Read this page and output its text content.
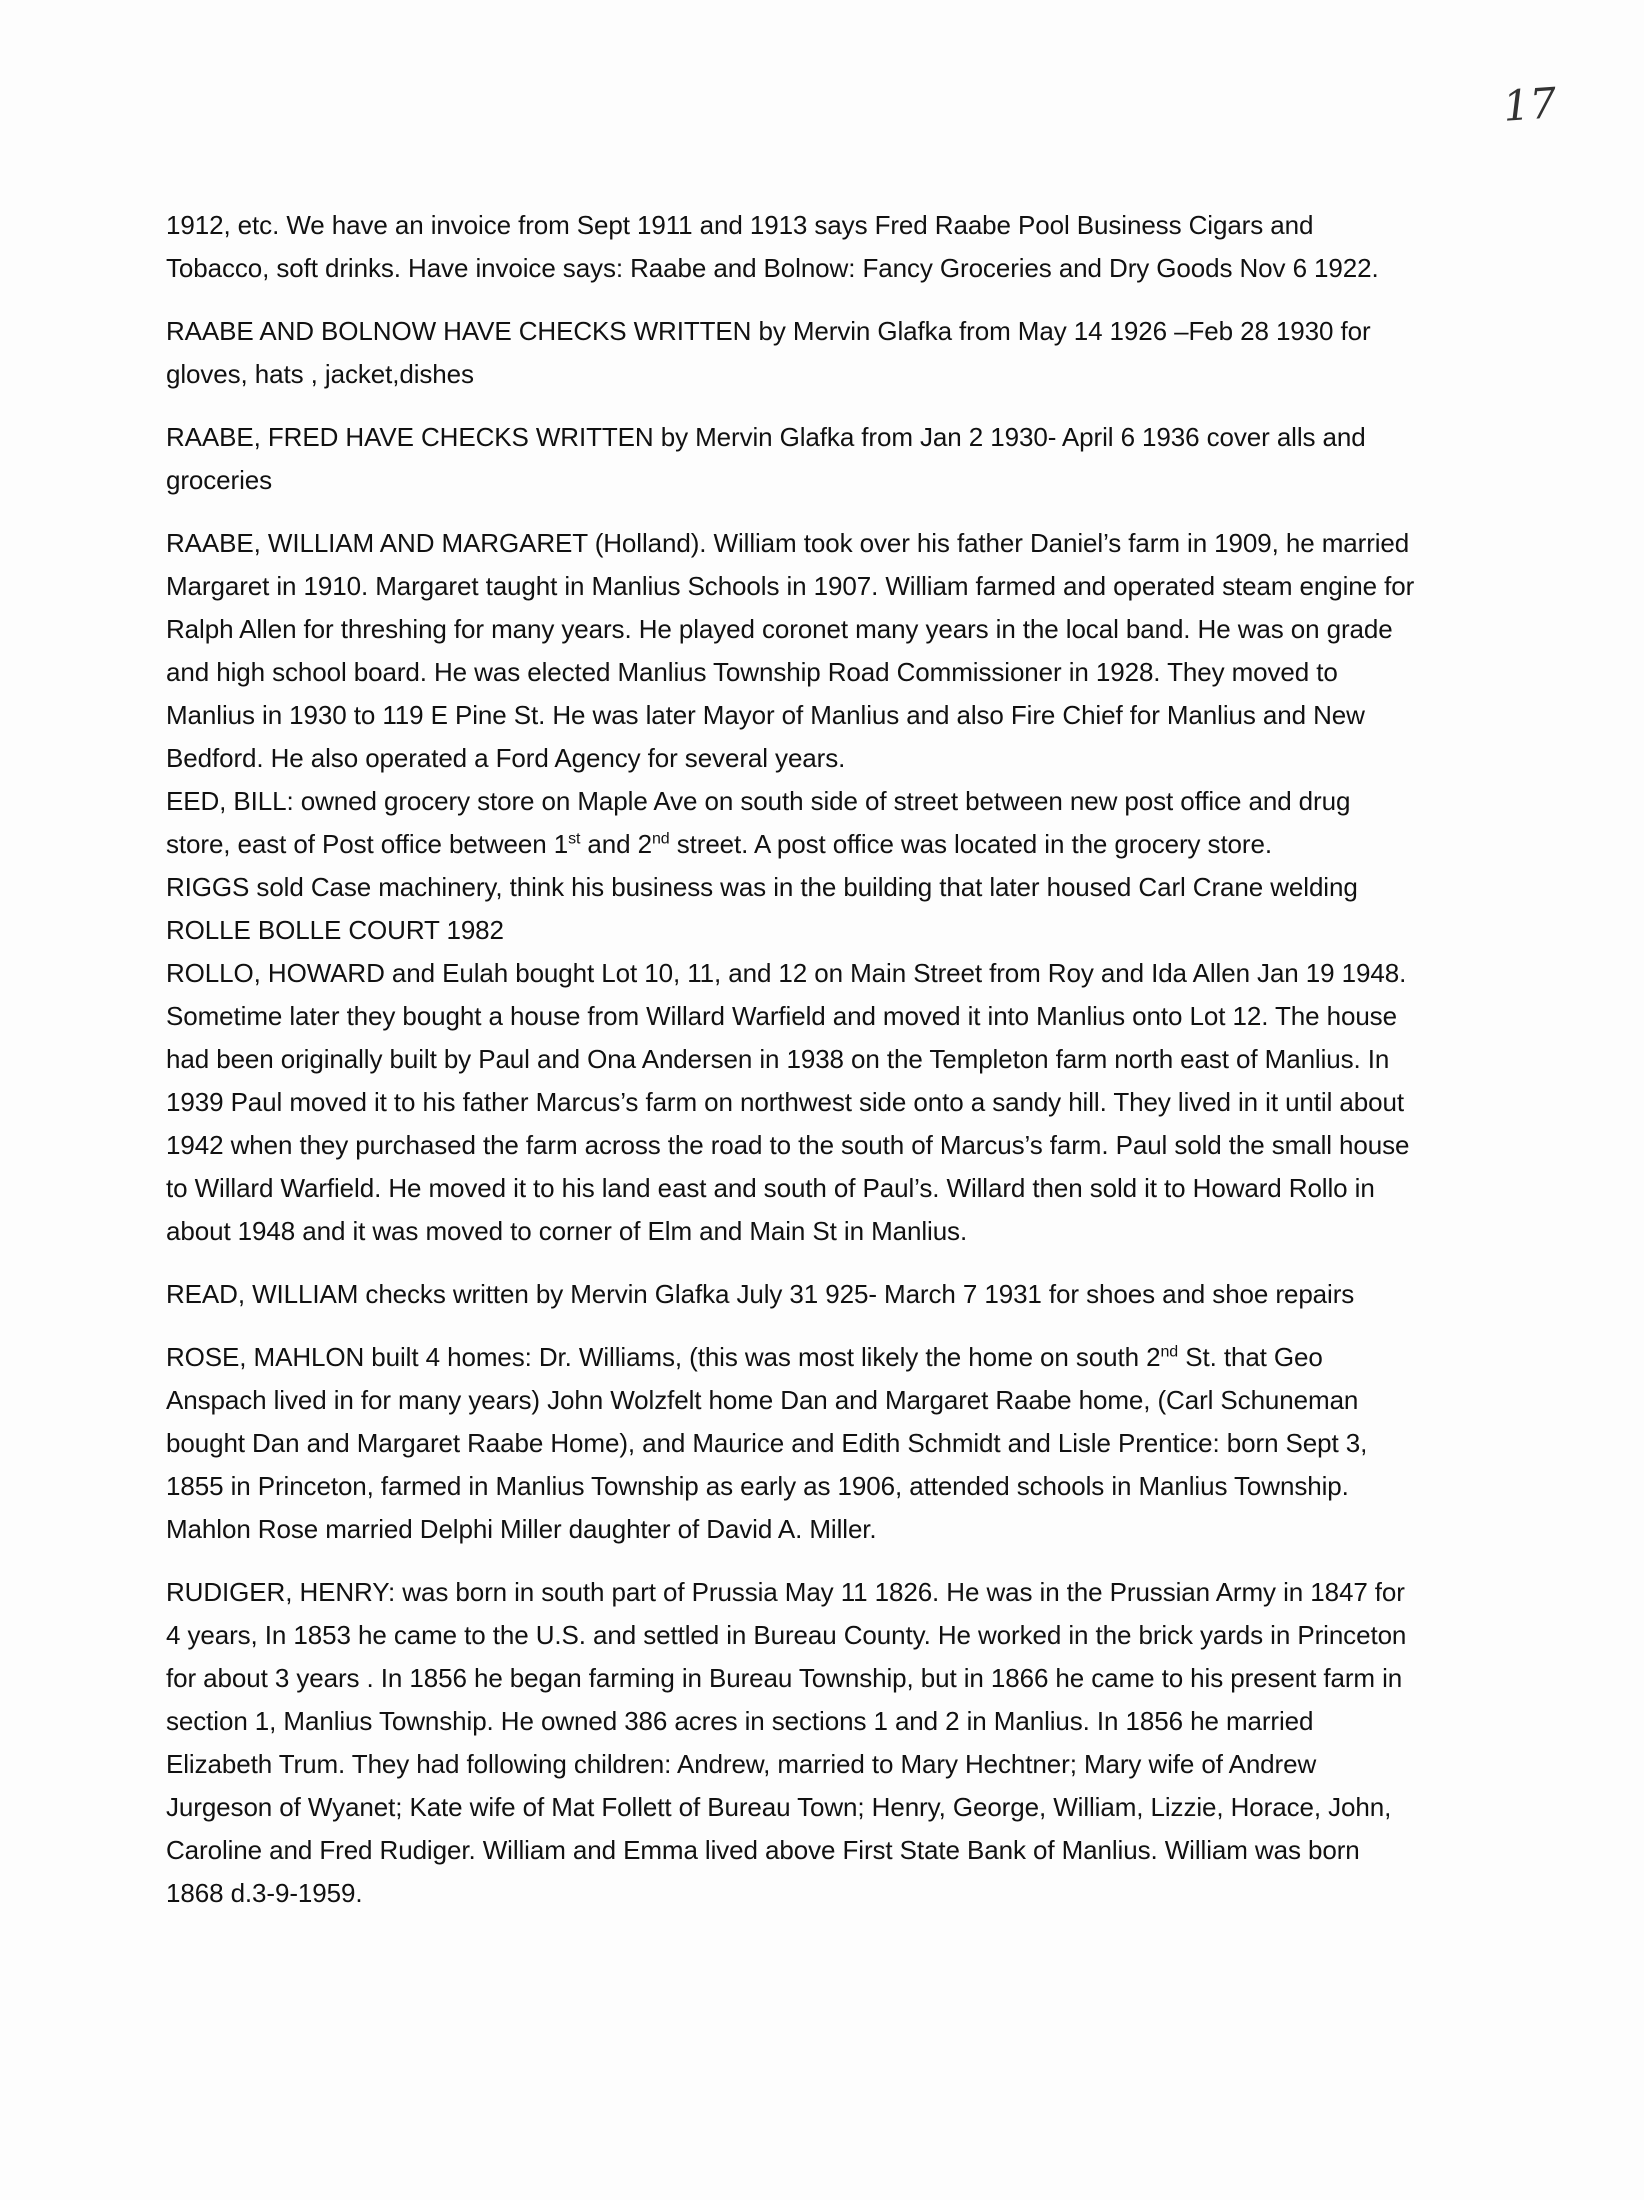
17

1912, etc. We have an invoice from Sept 1911 and 1913 says Fred Raabe Pool Business Cigars and Tobacco, soft drinks. Have invoice says: Raabe and Bolnow: Fancy Groceries and Dry Goods Nov 6 1922.

RAABE AND BOLNOW HAVE CHECKS WRITTEN by Mervin Glafka from May 14 1926 –Feb 28 1930 for gloves, hats , jacket,dishes

RAABE, FRED HAVE CHECKS WRITTEN by Mervin Glafka from Jan 2 1930- April 6 1936 cover alls and groceries

RAABE, WILLIAM AND MARGARET (Holland). William took over his father Daniel’s farm in 1909, he married Margaret in 1910. Margaret taught in Manlius Schools in 1907. William farmed and operated steam engine for Ralph Allen for threshing for many years. He played coronet many years in the local band. He was on grade and high school board. He was elected Manlius Township Road Commissioner in 1928. They moved to Manlius in 1930 to 119 E Pine St. He was later Mayor of Manlius and also Fire Chief for Manlius and New Bedford. He also operated a Ford Agency for several years.

EED, BILL: owned grocery store on Maple Ave on south side of street between new post office and drug store, east of Post office between 1st and 2nd street. A post office was located in the grocery store.

RIGGS sold Case machinery, think his business was in the building that later housed Carl Crane welding

ROLLE BOLLE COURT 1982

ROLLO, HOWARD and Eulah bought Lot 10, 11, and 12 on Main Street from Roy and Ida Allen Jan 19 1948. Sometime later they bought a house from Willard Warfield and moved it into Manlius onto Lot 12. The house had been originally built by Paul and Ona Andersen in 1938 on the Templeton farm north east of Manlius. In 1939 Paul moved it to his father Marcus’s farm on northwest side onto a sandy hill. They lived in it until about 1942 when they purchased the farm across the road to the south of Marcus’s farm. Paul sold the small house to Willard Warfield. He moved it to his land east and south of Paul’s. Willard then sold it to Howard Rollo in about 1948 and it was moved to corner of Elm and Main St in Manlius.

READ, WILLIAM checks written by Mervin Glafka July 31 925- March 7 1931 for shoes and shoe repairs

ROSE, MAHLON built 4 homes: Dr. Williams, (this was most likely the home on south 2nd St. that Geo Anspach lived in for many years) John Wolzfelt home Dan and Margaret Raabe home, (Carl Schuneman bought Dan and Margaret Raabe Home), and Maurice and Edith Schmidt and Lisle Prentice: born Sept 3, 1855 in Princeton, farmed in Manlius Township as early as 1906, attended schools in Manlius Township. Mahlon Rose married Delphi Miller daughter of David A. Miller.

RUDIGER, HENRY: was born in south part of Prussia May 11 1826. He was in the Prussian Army in 1847 for 4 years, In 1853 he came to the U.S. and settled in Bureau County. He worked in the brick yards in Princeton for about 3 years . In 1856 he began farming in Bureau Township, but in 1866 he came to his present farm in section 1, Manlius Township. He owned 386 acres in sections 1 and 2 in Manlius. In 1856 he married Elizabeth Trum. They had following children: Andrew, married to Mary Hechtner; Mary wife of Andrew Jurgeson of Wyanet; Kate wife of Mat Follett of Bureau Town; Henry, George, William, Lizzie, Horace, John, Caroline and Fred Rudiger. William and Emma lived above First State Bank of Manlius. William was born 1868 d.3-9-1959.
